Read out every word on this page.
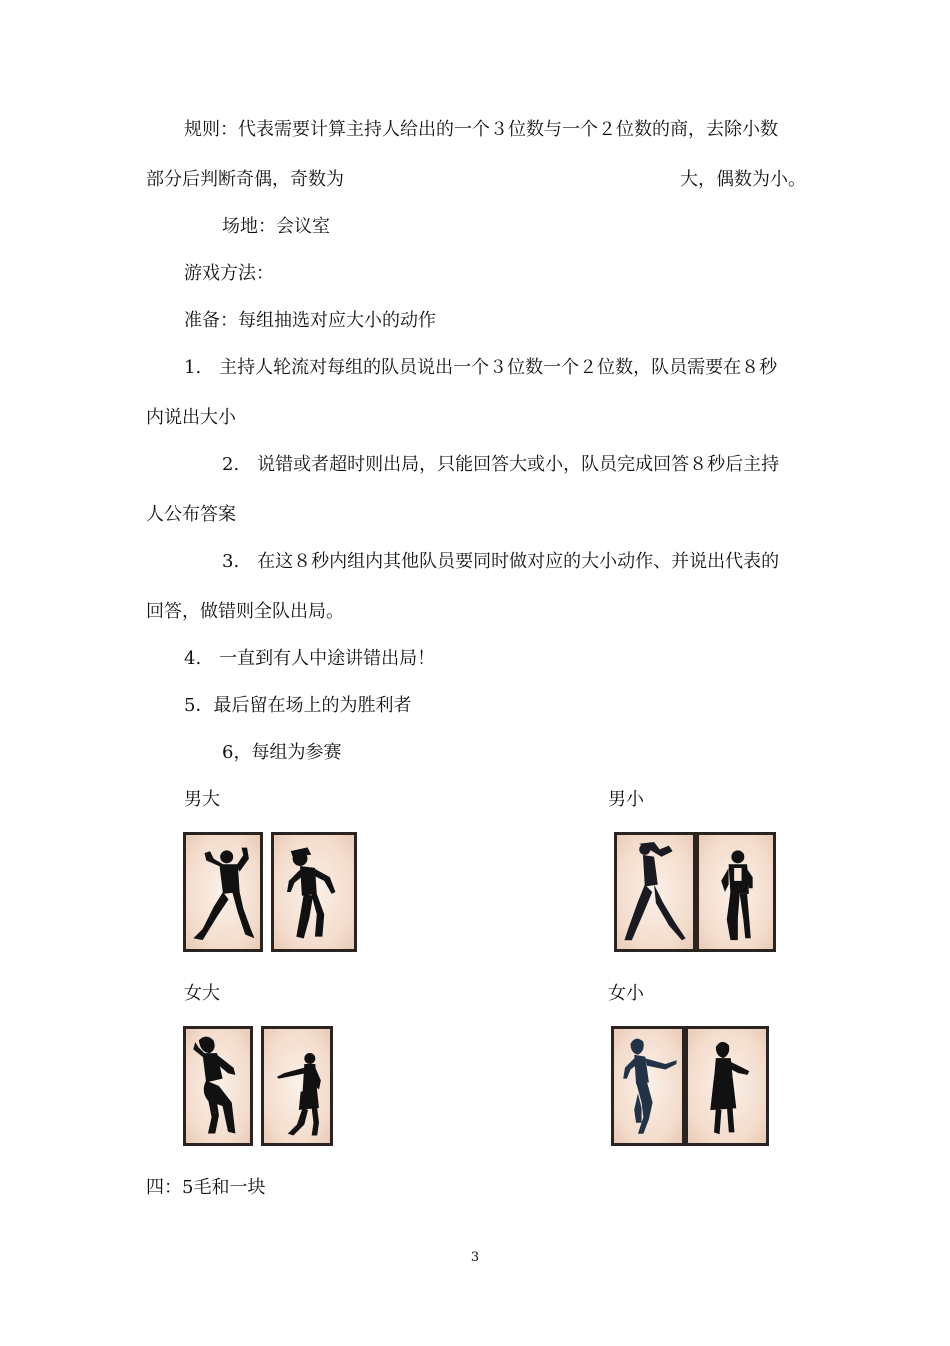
规则：代表需要计算主持人给出的一个３位数与一个２位数的商，去除小数
部分后判断奇偶，奇数为	大，偶数为小。
场地：会议室
游戏方法：
准备：每组抽选对应大小的动作
1.　主持人轮流对每组的队员说出一个３位数一个２位数，队员需要在８秒
内说出大小
2.　说错或者超时则出局，只能回答大或小，队员完成回答８秒后主持
人公布答案
3.　在这８秒内组内其他队员要同时做对应的大小动作、并说出代表的
回答，做错则全队出局。
4.　一直到有人中途讲错出局！
5．最后留在场上的为胜利者
6，每组为参赛
男大	男小
女大	女小
四：5毛和一块
3
